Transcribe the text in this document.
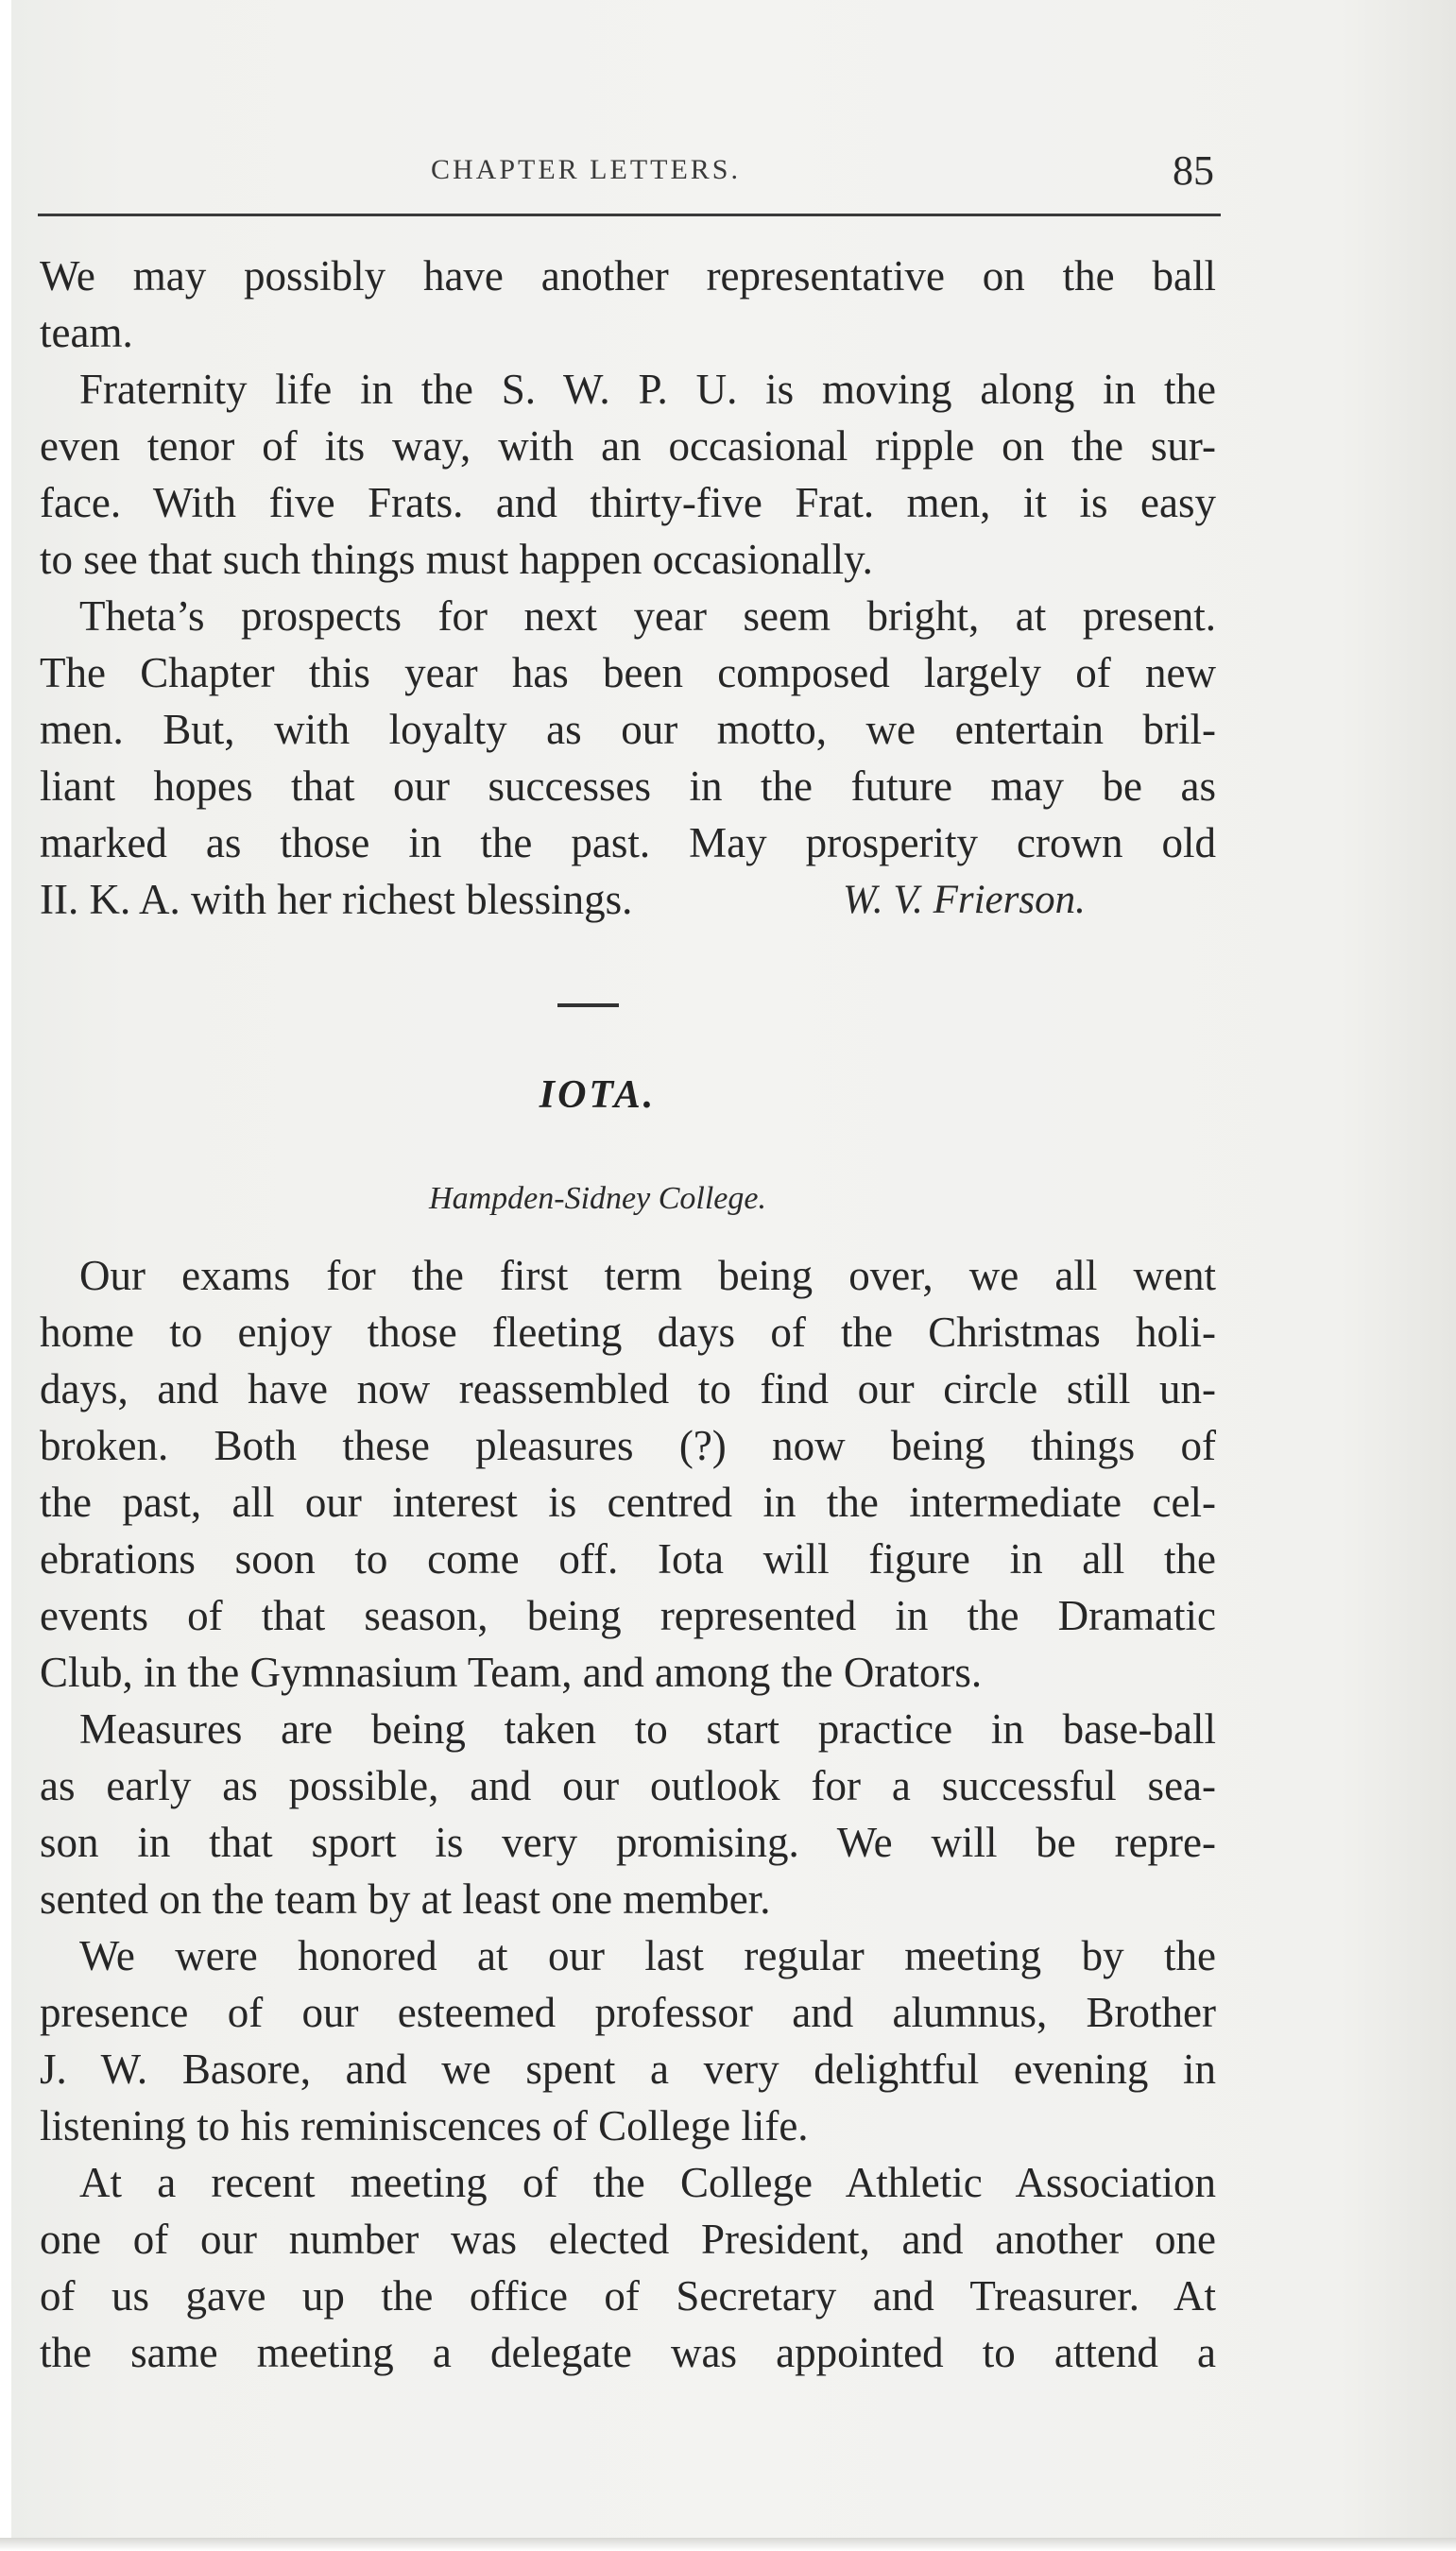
CHAPTER LETTERS.	85
We may possibly have another representative on the ball
team.
Fraternity life in the S. W. P. U. is moving along in the
even tenor of its way, with an occasional ripple on the sur-
face. With five Frats. and thirty-five Frat. men, it is easy
to see that such things must happen occasionally.
Theta’s prospects for next year seem bright, at present.
The Chapter this year has been composed largely of new
men. But, with loyalty as our motto, we entertain bril-
liant hopes that our successes in the future may be as
marked as those in the past. May prosperity crown old
II. K. A. with her richest blessings.	W. V. Frierson.
IOTA.
Hampden-Sidney College.
Our exams for the first term being over, we all went
home to enjoy those fleeting days of the Christmas holi-
days, and have now reassembled to find our circle still un-
broken. Both these pleasures (?) now being things of
the past, all our interest is centred in the intermediate cel-
ebrations soon to come off. Iota will figure in all the
events of that season, being represented in the Dramatic
Club, in the Gymnasium Team, and among the Orators.
Measures are being taken to start practice in base-ball
as early as possible, and our outlook for a successful sea-
son in that sport is very promising. We will be repre-
sented on the team by at least one member.
We were honored at our last regular meeting by the
presence of our esteemed professor and alumnus, Brother
J. W. Basore, and we spent a very delightful evening in
listening to his reminiscences of College life.
At a recent meeting of the College Athletic Association
one of our number was elected President, and another one
of us gave up the office of Secretary and Treasurer. At
the same meeting a delegate was appointed to attend a
